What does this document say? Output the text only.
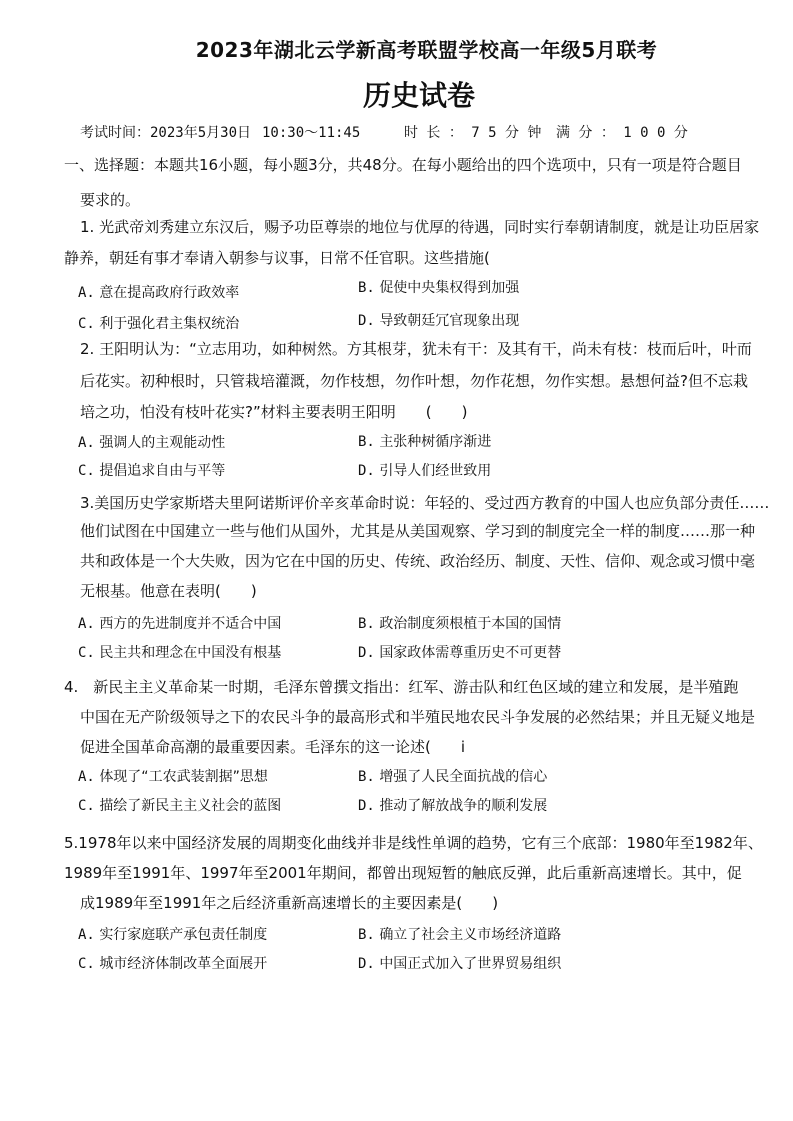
2023年湖北云学新高考联盟学校高一年级5月联考
历史试卷
考试时间：2023年5月30日 10:30～11:45	时 长 ： 7 5 分 钟 满 分 ： 1 0 0 分
一、选择题：本题共16小题，每小题3分，共48分。在每小题给出的四个选项中，只有一项是符合题目
要求的。
1. 光武帝刘秀建立东汉后，赐予功臣尊崇的地位与优厚的待遇，同时实行奉朝请制度，就是让功臣居家
静养，朝廷有事才奉请入朝参与议事，日常不任官职。这些措施(
A. 意在提高政府行政效率	B. 促使中央集权得到加强
C. 利于强化君主集权统治	D. 导致朝廷冗官现象出现
2. 王阳明认为：“立志用功，如种树然。方其根芽，犹未有干：及其有干，尚未有枝：枝而后叶，叶而
后花实。初种根时，只管栽培灌溉，勿作枝想，勿作叶想，勿作花想，勿作实想。悬想何益?但不忘栽
培之功，怕没有枝叶花实?”材料主要表明王阳明　　(　　)
A. 强调人的主观能动性	B. 主张种树循序渐进
C. 提倡追求自由与平等	D. 引导人们经世致用
3.美国历史学家斯塔夫里阿诺斯评价辛亥革命时说：年轻的、受过西方教育的中国人也应负部分责任……
他们试图在中国建立一些与他们从国外，尤其是从美国观察、学习到的制度完全一样的制度……那一种
共和政体是一个大失败，因为它在中国的历史、传统、政治经历、制度、天性、信仰、观念或习惯中毫
无根基。他意在表明(　　)
A. 西方的先进制度并不适合中国	B. 政治制度须根植于本国的国情
C. 民主共和理念在中国没有根基	D. 国家政体需尊重历史不可更替
4.　新民主主义革命某一时期，毛泽东曾撰文指出：红军、游击队和红色区域的建立和发展，是半殖跑
中国在无产阶级领导之下的农民斗争的最高形式和半殖民地农民斗争发展的必然结果；并且无疑义地是
促进全国革命高潮的最重要因素。毛泽东的这一论述(　　i
A. 体现了“工农武装割据”思想	B. 增强了人民全面抗战的信心
C. 描绘了新民主主义社会的蓝图	D. 推动了解放战争的顺利发展
5.1978年以来中国经济发展的周期变化曲线并非是线性单调的趋势，它有三个底部：1980年至1982年、
1989年至1991年、1997年至2001年期间，都曾出现短暂的触底反弹，此后重新高速增长。其中，促
成1989年至1991年之后经济重新高速增长的主要因素是(　　)
A. 实行家庭联产承包责任制度	B. 确立了社会主义市场经济道路
C. 城市经济体制改革全面展开	D. 中国正式加入了世界贸易组织
